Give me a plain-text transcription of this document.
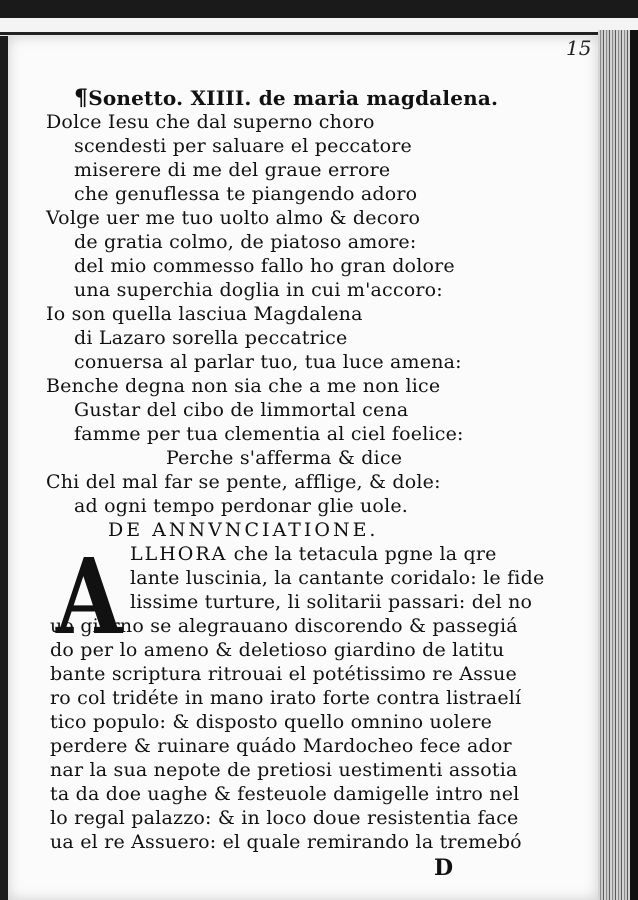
15
¶Sonetto. XIIII. de maria magdalena.
Dolce Iesu che dal superno choro
scendesti per saluare el peccatore
miserere di me del graue errore
che genuflessa te piangendo adoro
Volge uer me tuo uolto almo & decoro
de gratia colmo, de piatoso amore:
del mio commesso fallo ho gran dolore
una superchia doglia in cui m'accoro:
Io son quella lasciua Magdalena
di Lazaro sorella peccatrice
conuersa al parlar tuo, tua luce amena:
Benche degna non sia che a me non lice
Gustar del cibo de limmortal cena
famme per tua clementia al ciel foelice:
Perche s'afferma & dice
Chi del mal far se pente, afflige, & dole:
ad ogni tempo perdonar glie uole.
DE ANNVNCIATIONE.
A LLHORA che la tetacula pgne la qre
lante luscinia, la cantante coridalo: le fide
lissime turture, li solitarii passari: del no
uo giorno se alegrauano discorendo & passegiá
do per lo ameno & deletioso giardino de latitu
bante scriptura ritrouai el potétissimo re Assue
ro col tridéte in mano irato forte contra listraelí
tico populo: & disposto quello omnino uolere
perdere & ruinare quádo Mardocheo fece ador
nar la sua nepote de pretiosi uestimenti assotia
ta da doe uaghe & festeuole damigelle intro nel
lo regal palazzo: & in loco doue resistentia face
ua el re Assuero: el quale remirando la tremebó
D
